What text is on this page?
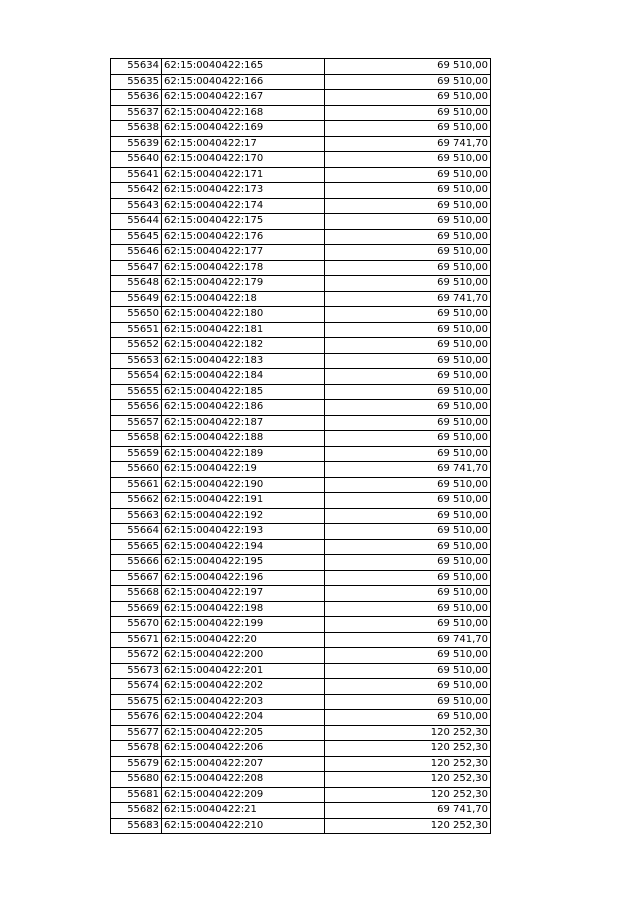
55634	62:15:0040422:165	69 510,00
55635	62:15:0040422:166	69 510,00
55636	62:15:0040422:167	69 510,00
55637	62:15:0040422:168	69 510,00
55638	62:15:0040422:169	69 510,00
55639	62:15:0040422:17	69 741,70
55640	62:15:0040422:170	69 510,00
55641	62:15:0040422:171	69 510,00
55642	62:15:0040422:173	69 510,00
55643	62:15:0040422:174	69 510,00
55644	62:15:0040422:175	69 510,00
55645	62:15:0040422:176	69 510,00
55646	62:15:0040422:177	69 510,00
55647	62:15:0040422:178	69 510,00
55648	62:15:0040422:179	69 510,00
55649	62:15:0040422:18	69 741,70
55650	62:15:0040422:180	69 510,00
55651	62:15:0040422:181	69 510,00
55652	62:15:0040422:182	69 510,00
55653	62:15:0040422:183	69 510,00
55654	62:15:0040422:184	69 510,00
55655	62:15:0040422:185	69 510,00
55656	62:15:0040422:186	69 510,00
55657	62:15:0040422:187	69 510,00
55658	62:15:0040422:188	69 510,00
55659	62:15:0040422:189	69 510,00
55660	62:15:0040422:19	69 741,70
55661	62:15:0040422:190	69 510,00
55662	62:15:0040422:191	69 510,00
55663	62:15:0040422:192	69 510,00
55664	62:15:0040422:193	69 510,00
55665	62:15:0040422:194	69 510,00
55666	62:15:0040422:195	69 510,00
55667	62:15:0040422:196	69 510,00
55668	62:15:0040422:197	69 510,00
55669	62:15:0040422:198	69 510,00
55670	62:15:0040422:199	69 510,00
55671	62:15:0040422:20	69 741,70
55672	62:15:0040422:200	69 510,00
55673	62:15:0040422:201	69 510,00
55674	62:15:0040422:202	69 510,00
55675	62:15:0040422:203	69 510,00
55676	62:15:0040422:204	69 510,00
55677	62:15:0040422:205	120 252,30
55678	62:15:0040422:206	120 252,30
55679	62:15:0040422:207	120 252,30
55680	62:15:0040422:208	120 252,30
55681	62:15:0040422:209	120 252,30
55682	62:15:0040422:21	69 741,70
55683	62:15:0040422:210	120 252,30
